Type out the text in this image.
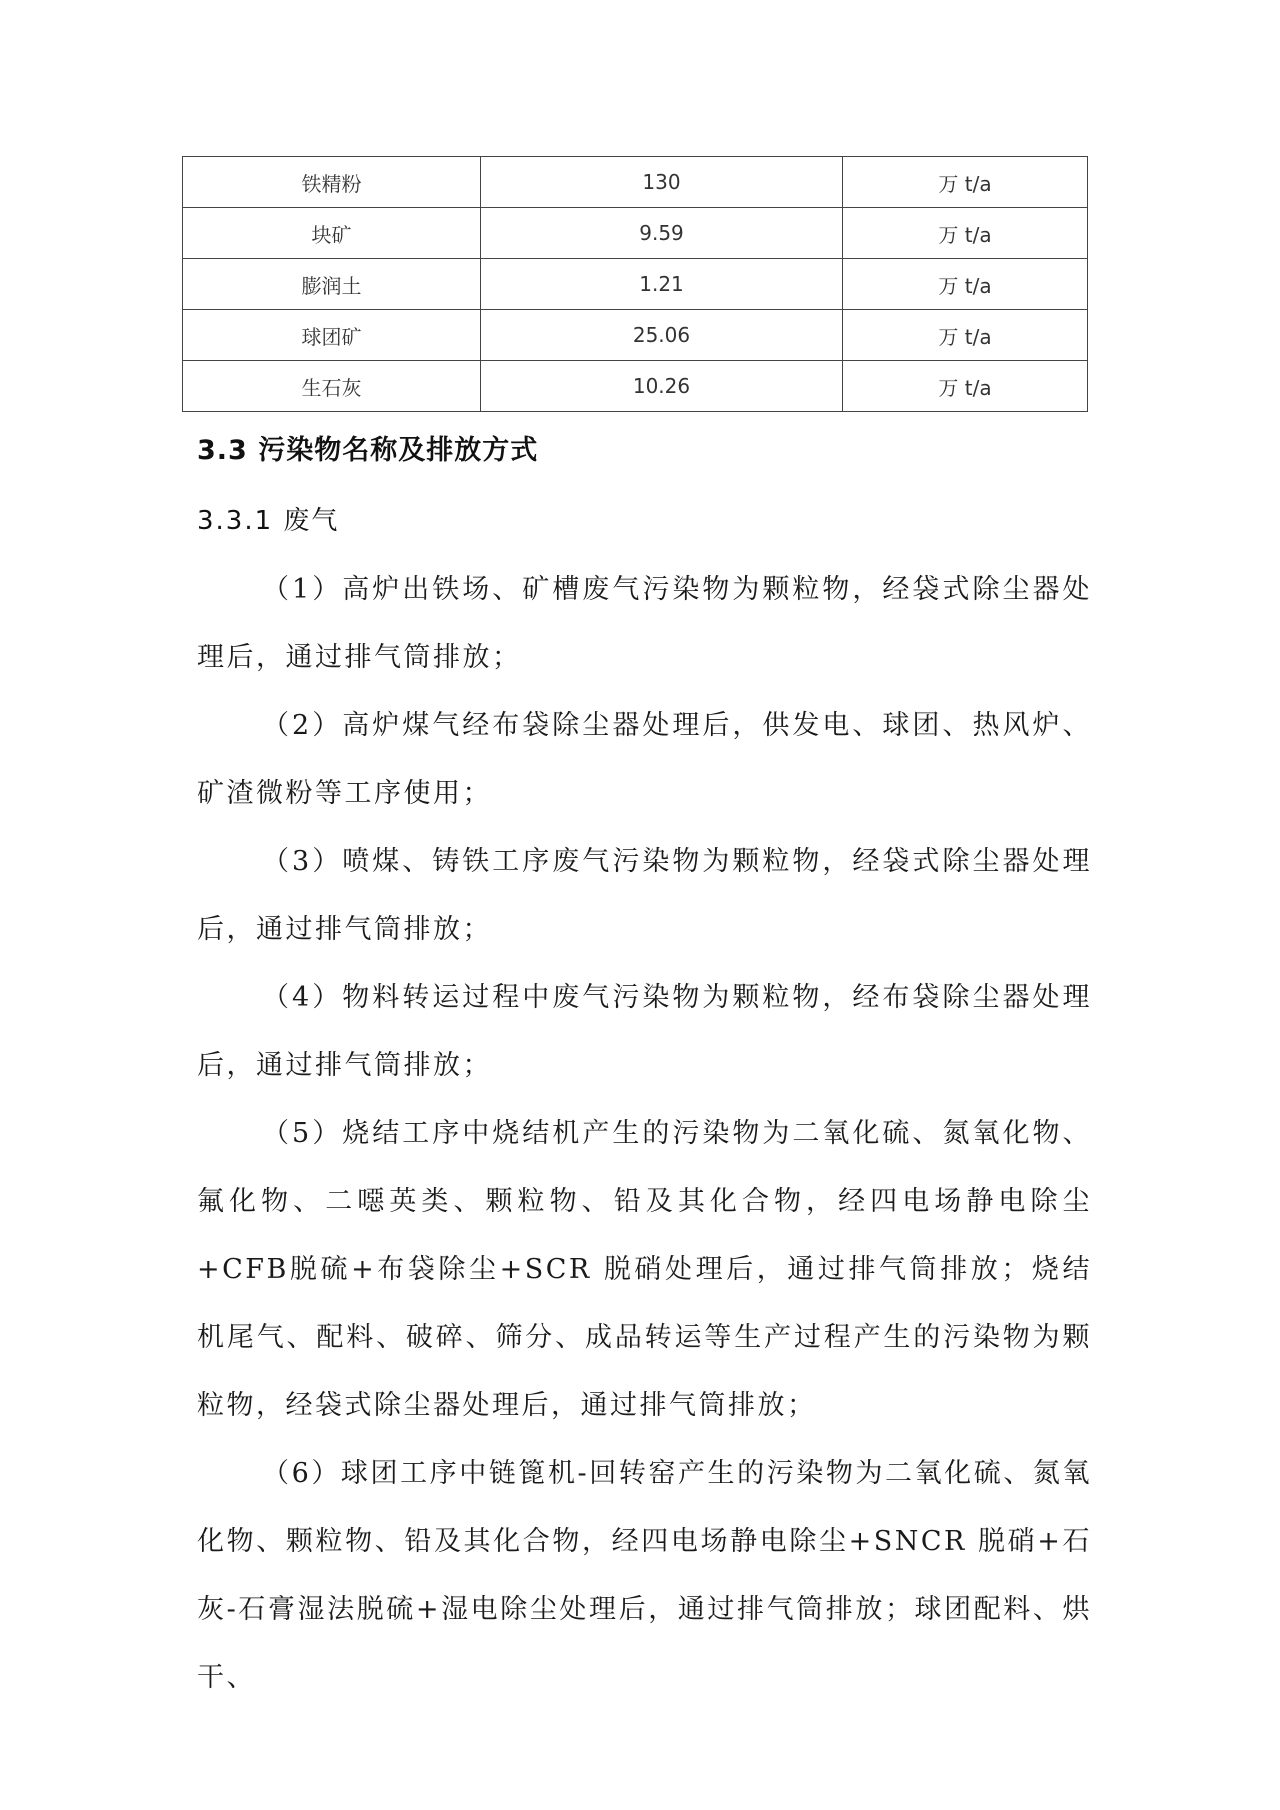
铁精粉	130	万 t/a
块矿	9.59	万 t/a
膨润土	1.21	万 t/a
球团矿	25.06	万 t/a
生石灰	10.26	万 t/a
3.3 污染物名称及排放方式
3.3.1 废气

（1）高炉出铁场、矿槽废气污染物为颗粒物，经袋式除尘器处理后，通过排气筒排放；

（2）高炉煤气经布袋除尘器处理后，供发电、球团、热风炉、矿渣微粉等工序使用；

（3）喷煤、铸铁工序废气污染物为颗粒物，经袋式除尘器处理后，通过排气筒排放；

（4）物料转运过程中废气污染物为颗粒物，经布袋除尘器处理后，通过排气筒排放；

（5）烧结工序中烧结机产生的污染物为二氧化硫、氮氧化物、氟化物、二噁英类、颗粒物、铅及其化合物，经四电场静电除尘+CFB脱硫+布袋除尘+SCR 脱硝处理后，通过排气筒排放；烧结机尾气、配料、破碎、筛分、成品转运等生产过程产生的污染物为颗粒物，经袋式除尘器处理后，通过排气筒排放；

（6）球团工序中链篦机-回转窑产生的污染物为二氧化硫、氮氧化物、颗粒物、铅及其化合物，经四电场静电除尘+SNCR 脱硝+石灰-石膏湿法脱硫+湿电除尘处理后，通过排气筒排放；球团配料、烘干、
